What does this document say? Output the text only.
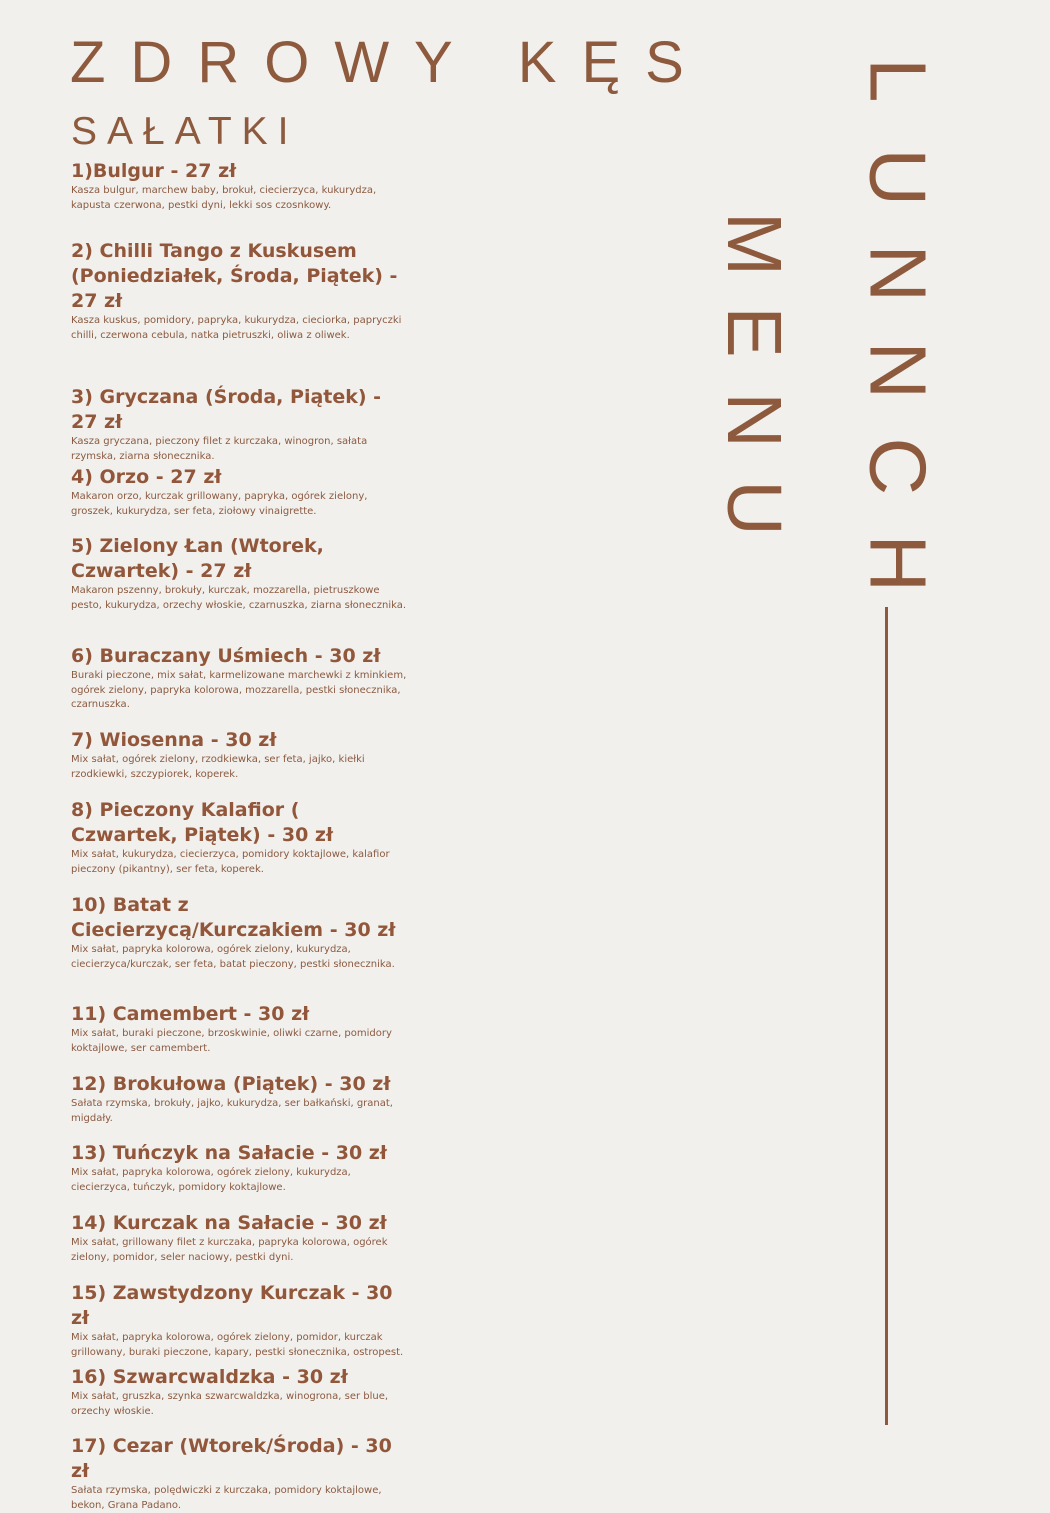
ZDROWY KĘS
SAŁATKI

1)Bulgur - 27 zł

Kasza bulgur, marchew baby, brokuł, ciecierzyca, kukurydza, kapusta czerwona, pestki dyni, lekki sos czosnkowy.

2) Chilli Tango z Kuskusem (Poniedziałek, Środa, Piątek) - 27 zł

Kasza kuskus, pomidory, papryka, kukurydza, cieciorka, papryczki chilli, czerwona cebula, natka pietruszki, oliwa z oliwek.

3) Gryczana (Środa, Piątek) - 27 zł

Kasza gryczana, pieczony filet z kurczaka, winogron, sałata rzymska, ziarna słonecznika.

4) Orzo - 27 zł

Makaron orzo, kurczak grillowany, papryka, ogórek zielony, groszek, kukurydza, ser feta, ziołowy vinaigrette.

5) Zielony Łan (Wtorek, Czwartek) - 27 zł

Makaron pszenny, brokuły, kurczak, mozzarella, pietruszkowe pesto, kukurydza, orzechy włoskie, czarnuszka, ziarna słonecznika.

6) Buraczany Uśmiech - 30 zł

Buraki pieczone, mix sałat, karmelizowane marchewki z kminkiem, ogórek zielony, papryka kolorowa, mozzarella, pestki słonecznika, czarnuszka.

7) Wiosenna - 30 zł

Mix sałat, ogórek zielony, rzodkiewka, ser feta, jajko, kiełki rzodkiewki, szczypiorek, koperek.

8) Pieczony Kalafior ( Czwartek, Piątek) - 30 zł

Mix sałat, kukurydza, ciecierzyca, pomidory koktajlowe, kalafior pieczony (pikantny), ser feta, koperek.

10) Batat z Ciecierzycą/Kurczakiem - 30 zł

Mix sałat, papryka kolorowa, ogórek zielony, kukurydza, ciecierzyca/kurczak, ser feta, batat pieczony, pestki słonecznika.

11) Camembert - 30 zł

Mix sałat, buraki pieczone, brzoskwinie, oliwki czarne, pomidory koktajlowe, ser camembert.

12) Brokułowa (Piątek) - 30 zł

Sałata rzymska, brokuły, jajko, kukurydza, ser bałkański, granat, migdały.

13) Tuńczyk na Sałacie - 30 zł

Mix sałat, papryka kolorowa, ogórek zielony, kukurydza, ciecierzyca, tuńczyk, pomidory koktajlowe.

14) Kurczak na Sałacie - 30 zł

Mix sałat, grillowany filet z kurczaka, papryka kolorowa, ogórek zielony, pomidor, seler naciowy, pestki dyni.

15) Zawstydzony Kurczak - 30 zł

Mix sałat, papryka kolorowa, ogórek zielony, pomidor, kurczak grillowany, buraki pieczone, kapary, pestki słonecznika, ostropest.

16) Szwarcwaldzka - 30 zł

Mix sałat, gruszka, szynka szwarcwaldzka, winogrona, ser blue, orzechy włoskie.

17) Cezar (Wtorek/Środa) - 30 zł

Sałata rzymska, polędwiczki z kurczaka, pomidory koktajlowe, bekon, Grana Padano.

L
U
N
N
C
H
M
E
N
U
